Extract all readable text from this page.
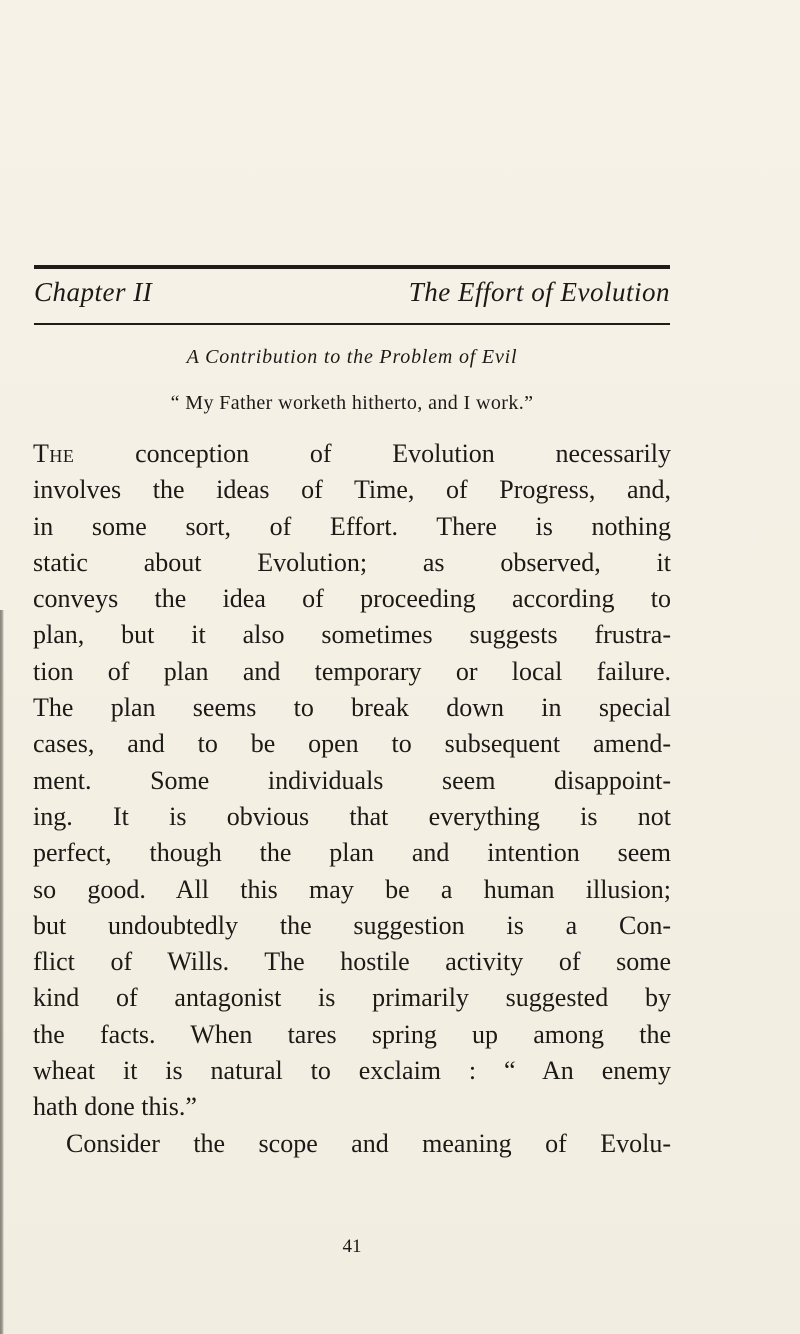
Chapter II	The Effort of Evolution
A Contribution to the Problem of Evil
“ My Father worketh hitherto, and I work.”
The conception of Evolution necessarily
involves the ideas of Time, of Progress, and,
in some sort, of Effort. There is nothing
static about Evolution; as observed, it
conveys the idea of proceeding according to
plan, but it also sometimes suggests frustra-
tion of plan and temporary or local failure.
The plan seems to break down in special
cases, and to be open to subsequent amend-
ment. Some individuals seem disappoint-
ing. It is obvious that everything is not
perfect, though the plan and intention seem
so good. All this may be a human illusion;
but undoubtedly the suggestion is a Con-
flict of Wills. The hostile activity of some
kind of antagonist is primarily suggested by
the facts. When tares spring up among the
wheat it is natural to exclaim : “ An enemy
hath done this.”
Consider the scope and meaning of Evolu-
41
